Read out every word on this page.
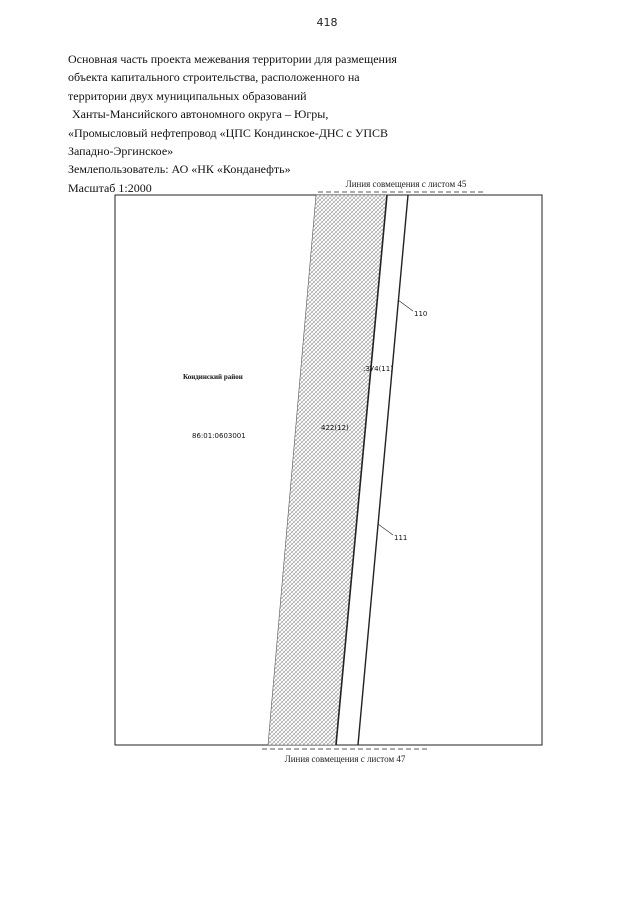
418
Основная часть проекта межевания территории для размещения
объекта капитального строительства, расположенного на
территории двух муниципальных образований
Ханты-Мансийского автономного округа – Югры,
«Промысловый нефтепровод «ЦПС Кондинское-ДНС с УПСВ
Западно-Эргинское»
Землепользователь: АО «НК «Конданефть»
Масштаб 1:2000	Линия совмещения с листом 45
110
111
:ЗУ4(11)
422(12)
Кондинский район
86:01:0603001
Линия совмещения с листом 47
